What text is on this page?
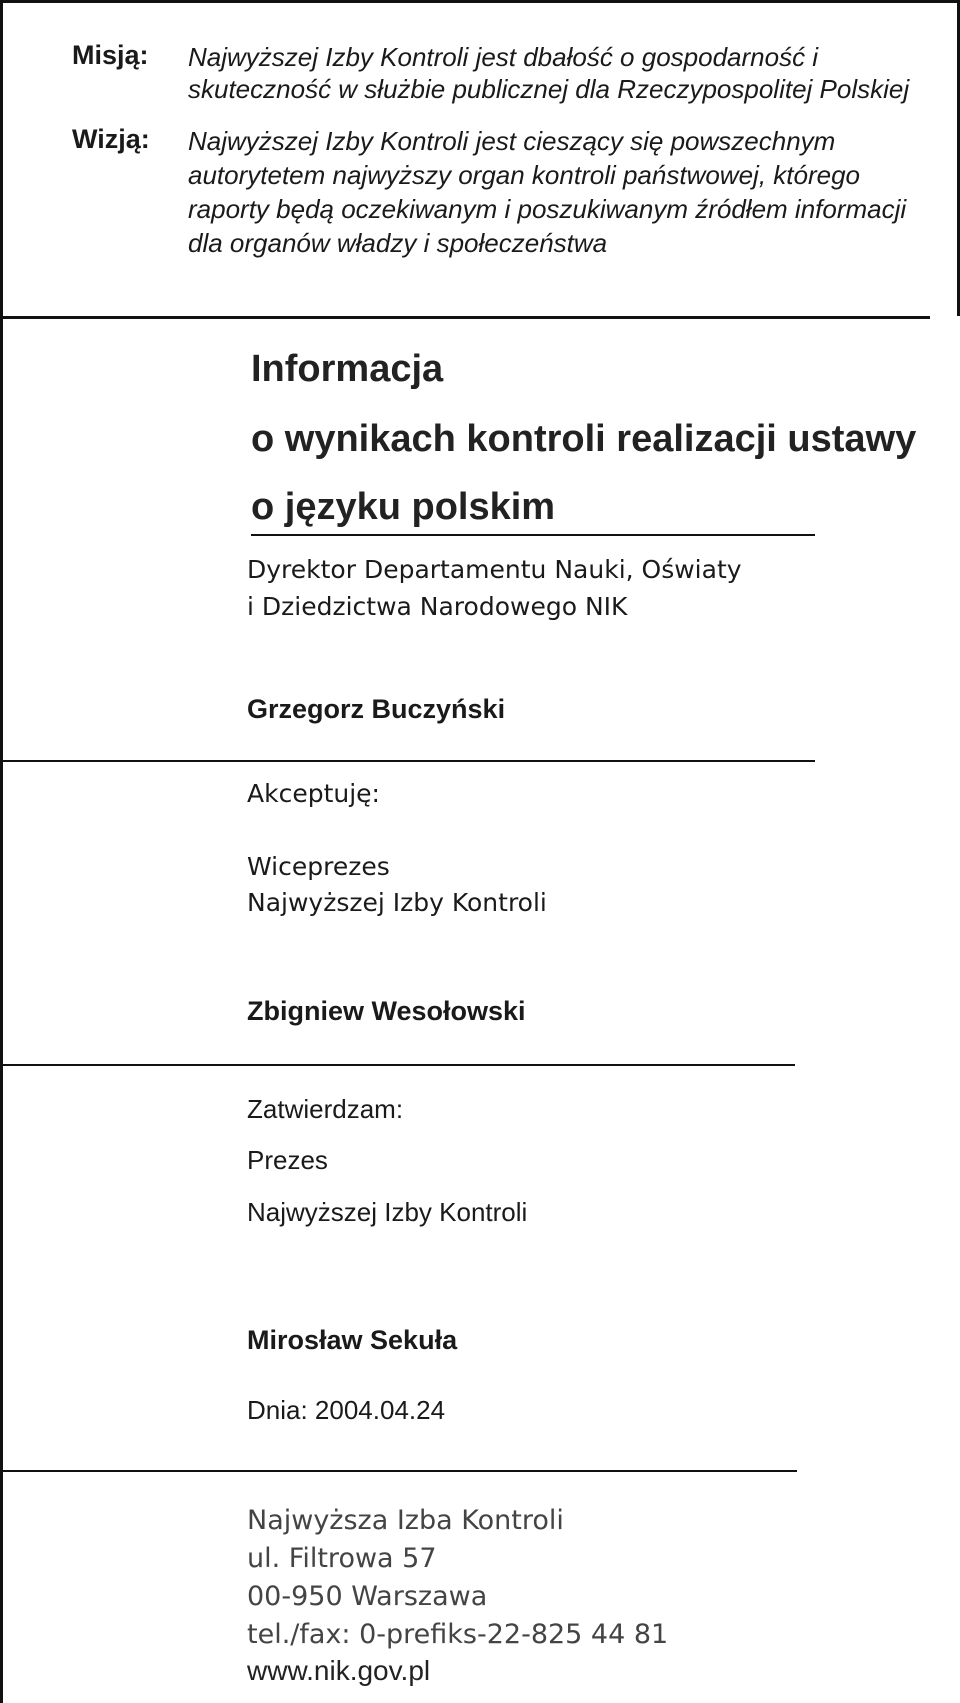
Misją: Najwyższej Izby Kontroli jest dbałość o gospodarność i
skuteczność w służbie publicznej dla Rzeczypospolitej Polskiej
Wizją: Najwyższej Izby Kontroli jest cieszący się powszechnym
autorytetem najwyższy organ kontroli państwowej, którego
raporty będą oczekiwanym i poszukiwanym źródłem informacji
dla organów władzy i społeczeństwa
Informacja
o wynikach kontroli realizacji ustawy
o języku polskim
Dyrektor Departamentu Nauki, Oświaty
i Dziedzictwa Narodowego NIK
Grzegorz Buczyński
Akceptuję:
Wiceprezes
Najwyższej Izby Kontroli
Zbigniew Wesołowski
Zatwierdzam:
Prezes
Najwyższej Izby Kontroli
Mirosław Sekuła
Dnia: 2004.04.24
Najwyższa Izba Kontroli
ul. Filtrowa 57
00-950 Warszawa
tel./fax: 0-prefiks-22-825 44 81
www.nik.gov.pl
